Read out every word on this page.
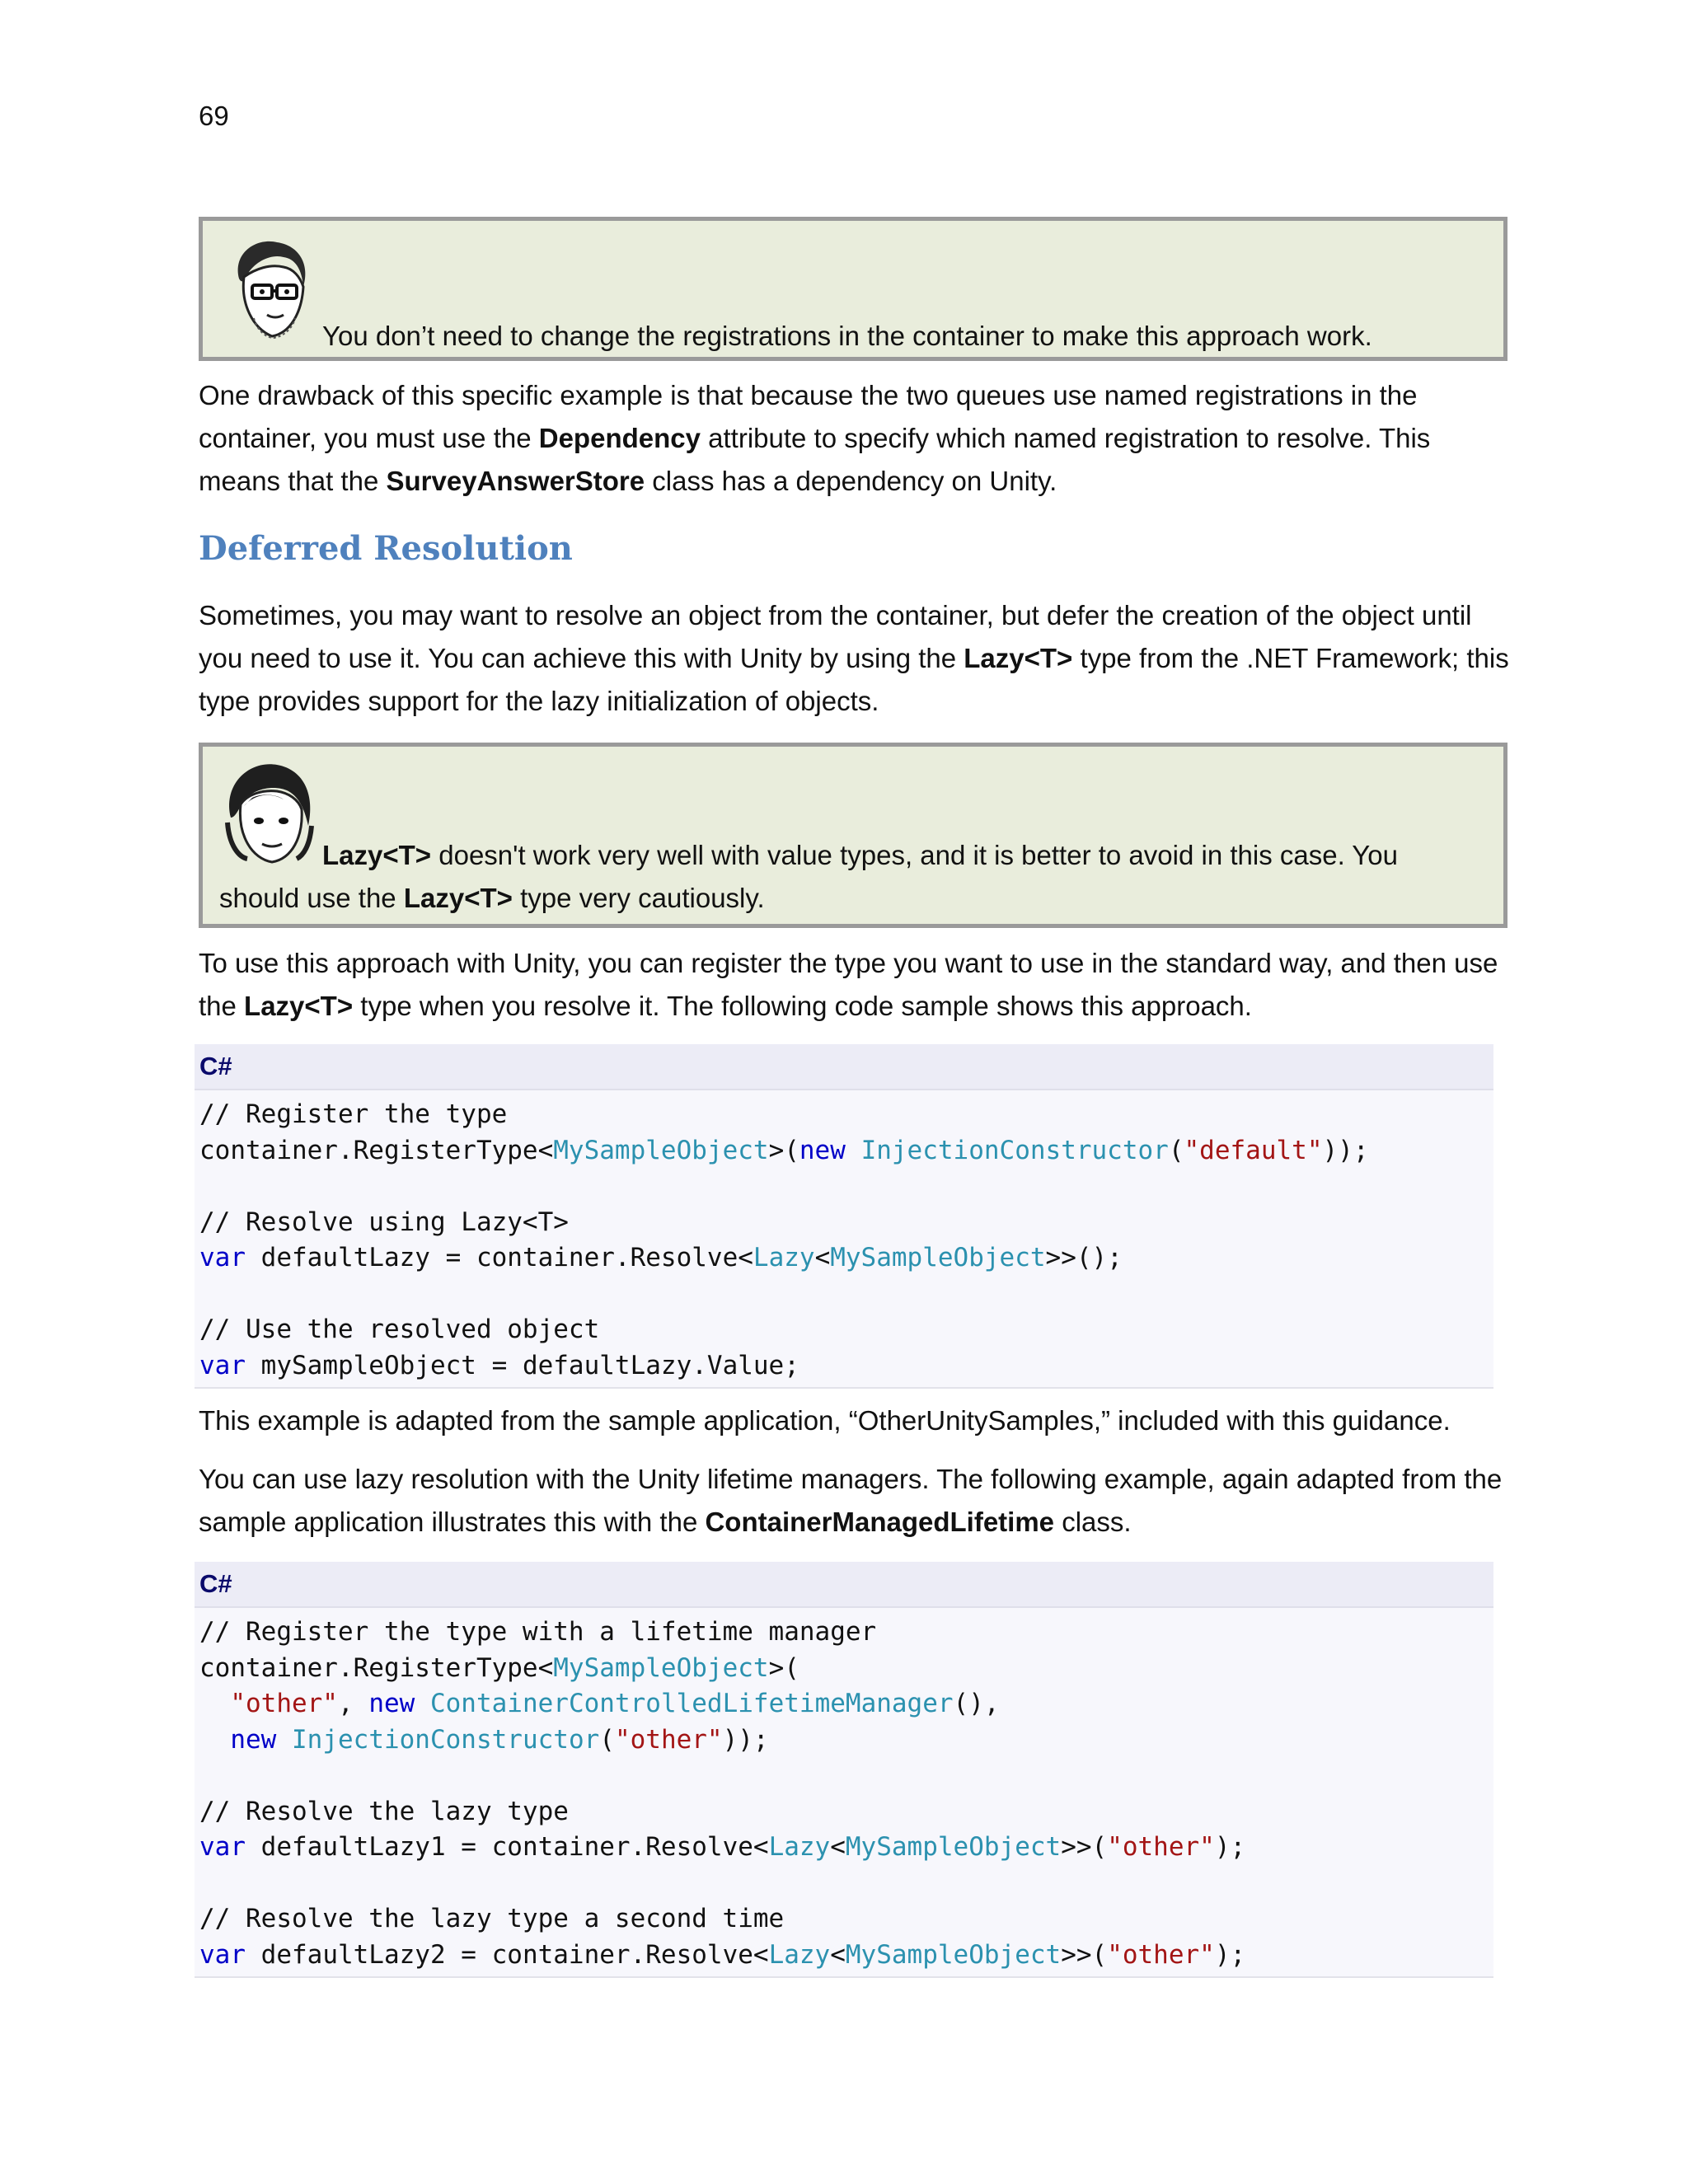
69
You don’t need to change the registrations in the container to make this approach work.
One drawback of this specific example is that because the two queues use named registrations in the container, you must use the Dependency attribute to specify which named registration to resolve. This means that the SurveyAnswerStore class has a dependency on Unity.
Deferred Resolution
Sometimes, you may want to resolve an object from the container, but defer the creation of the object until you need to use it. You can achieve this with Unity by using the Lazy<T> type from the .NET Framework; this type provides support for the lazy initialization of objects.
Lazy<T> doesn't work very well with value types, and it is better to avoid in this case. You
should use the Lazy<T> type very cautiously.
To use this approach with Unity, you can register the type you want to use in the standard way, and then use the Lazy<T> type when you resolve it. The following code sample shows this approach.
C#
// Register the type
container.RegisterType<MySampleObject>(new InjectionConstructor("default"));
// Resolve using Lazy<T>
var defaultLazy = container.Resolve<Lazy<MySampleObject>>();
// Use the resolved object
var mySampleObject = defaultLazy.Value;
This example is adapted from the sample application, “OtherUnitySamples,” included with this guidance.
You can use lazy resolution with the Unity lifetime managers. The following example, again adapted from the sample application illustrates this with the ContainerManagedLifetime class.
C#
// Register the type with a lifetime manager
container.RegisterType<MySampleObject>(
"other", new ContainerControlledLifetimeManager(),
new InjectionConstructor("other"));
// Resolve the lazy type
var defaultLazy1 = container.Resolve<Lazy<MySampleObject>>("other");
// Resolve the lazy type a second time
var defaultLazy2 = container.Resolve<Lazy<MySampleObject>>("other");
